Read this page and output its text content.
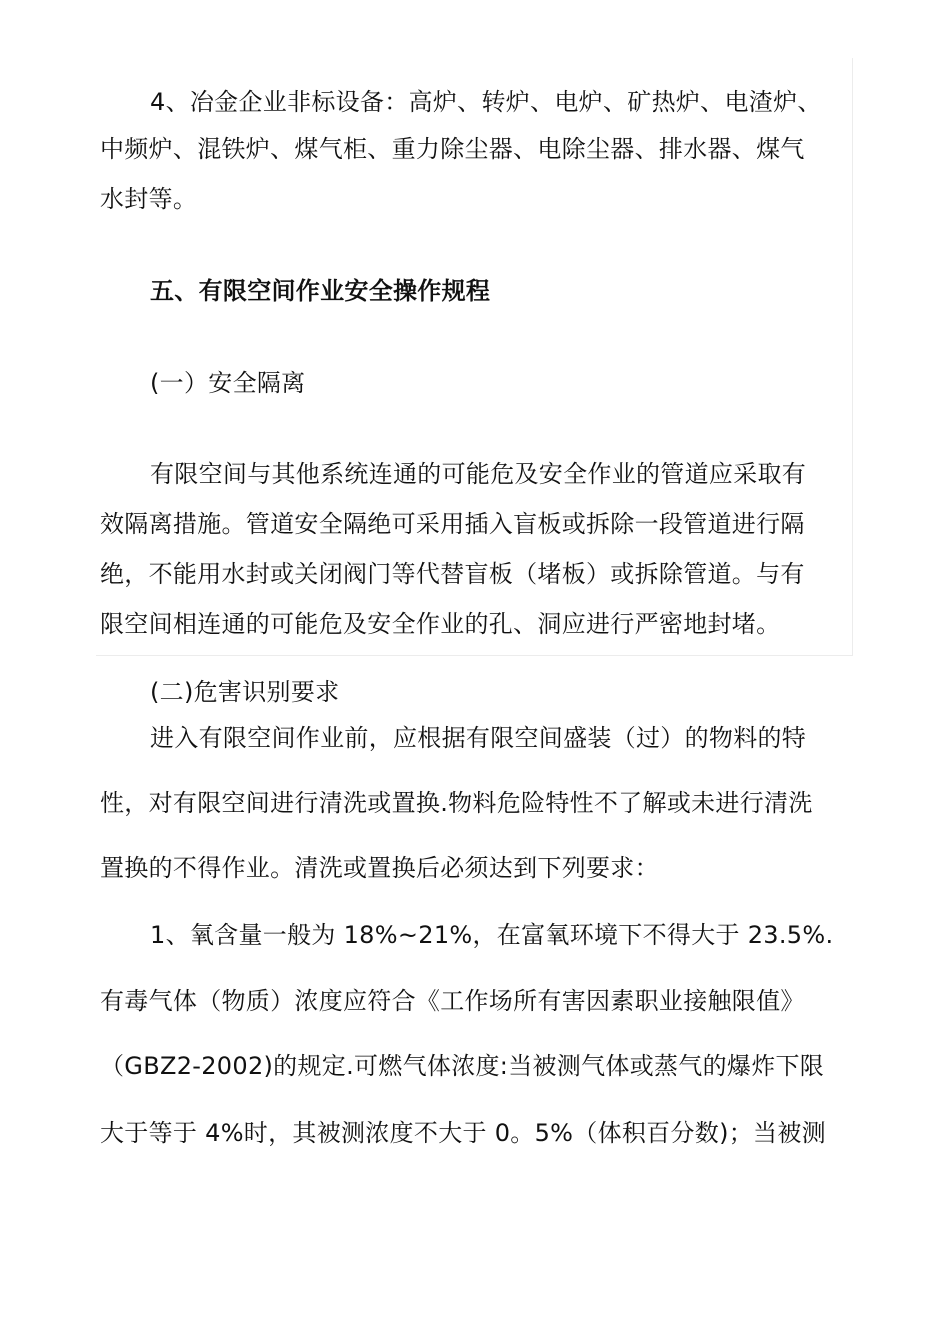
4、冶金企业非标设备：高炉、转炉、电炉、矿热炉、电渣炉、
中频炉、混铁炉、煤气柜、重力除尘器、电除尘器、排水器、煤气
水封等。
五、有限空间作业安全操作规程
(一）安全隔离
有限空间与其他系统连通的可能危及安全作业的管道应采取有
效隔离措施。管道安全隔绝可采用插入盲板或拆除一段管道进行隔
绝，不能用水封或关闭阀门等代替盲板（堵板）或拆除管道。与有
限空间相连通的可能危及安全作业的孔、洞应进行严密地封堵。
(二)危害识别要求
进入有限空间作业前，应根据有限空间盛装（过）的物料的特
性，对有限空间进行清洗或置换.物料危险特性不了解或未进行清洗
置换的不得作业。清洗或置换后必须达到下列要求：
1、氧含量一般为 18%~21%，在富氧环境下不得大于 23.5%.
有毒气体（物质）浓度应符合《工作场所有害因素职业接触限值》
（GBZ2-2002)的规定.可燃气体浓度:当被测气体或蒸气的爆炸下限
大于等于 4%时，其被测浓度不大于 0。5%（体积百分数)；当被测
